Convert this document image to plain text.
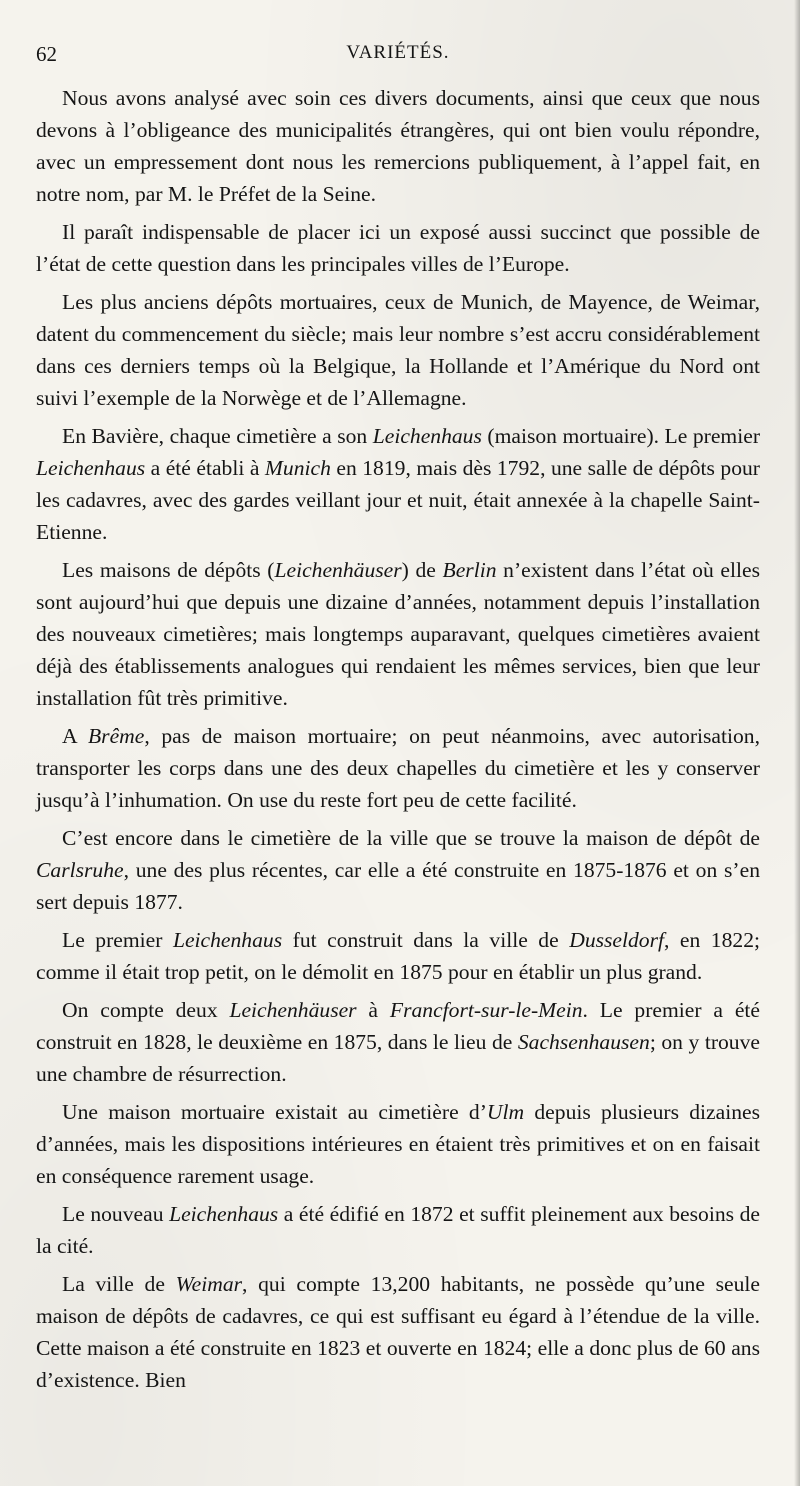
62	VARIÉTÉS.

Nous avons analysé avec soin ces divers documents, ainsi que ceux que nous devons à l’obligeance des municipalités étrangères, qui ont bien voulu répondre, avec un empressement dont nous les remercions publiquement, à l’appel fait, en notre nom, par M. le Préfet de la Seine.

Il paraît indispensable de placer ici un exposé aussi succinct que possible de l’état de cette question dans les principales villes de l’Europe.

Les plus anciens dépôts mortuaires, ceux de Munich, de Mayence, de Weimar, datent du commencement du siècle; mais leur nombre s’est accru considérablement dans ces derniers temps où la Belgique, la Hollande et l’Amérique du Nord ont suivi l’exemple de la Norwège et de l’Allemagne.

En Bavière, chaque cimetière a son Leichenhaus (maison mortuaire). Le premier Leichenhaus a été établi à Munich en 1819, mais dès 1792, une salle de dépôts pour les cadavres, avec des gardes veillant jour et nuit, était annexée à la chapelle Saint-Etienne.

Les maisons de dépôts (Leichenhäuser) de Berlin n’existent dans l’état où elles sont aujourd’hui que depuis une dizaine d’années, notamment depuis l’installation des nouveaux cimetières; mais longtemps auparavant, quelques cimetières avaient déjà des établissements analogues qui rendaient les mêmes services, bien que leur installation fût très primitive.

A Brême, pas de maison mortuaire; on peut néanmoins, avec autorisation, transporter les corps dans une des deux chapelles du cimetière et les y conserver jusqu’à l’inhumation. On use du reste fort peu de cette facilité.

C’est encore dans le cimetière de la ville que se trouve la maison de dépôt de Carlsruhe, une des plus récentes, car elle a été construite en 1875-1876 et on s’en sert depuis 1877.

Le premier Leichenhaus fut construit dans la ville de Dusseldorf, en 1822; comme il était trop petit, on le démolit en 1875 pour en établir un plus grand.

On compte deux Leichenhäuser à Francfort-sur-le-Mein. Le premier a été construit en 1828, le deuxième en 1875, dans le lieu de Sachsenhausen; on y trouve une chambre de résurrection.

Une maison mortuaire existait au cimetière d’Ulm depuis plusieurs dizaines d’années, mais les dispositions intérieures en étaient très primitives et on en faisait en conséquence rarement usage.

Le nouveau Leichenhaus a été édifié en 1872 et suffit pleinement aux besoins de la cité.

La ville de Weimar, qui compte 13,200 habitants, ne possède qu’une seule maison de dépôts de cadavres, ce qui est suffisant eu égard à l’étendue de la ville. Cette maison a été construite en 1823 et ouverte en 1824; elle a donc plus de 60 ans d’existence. Bien
